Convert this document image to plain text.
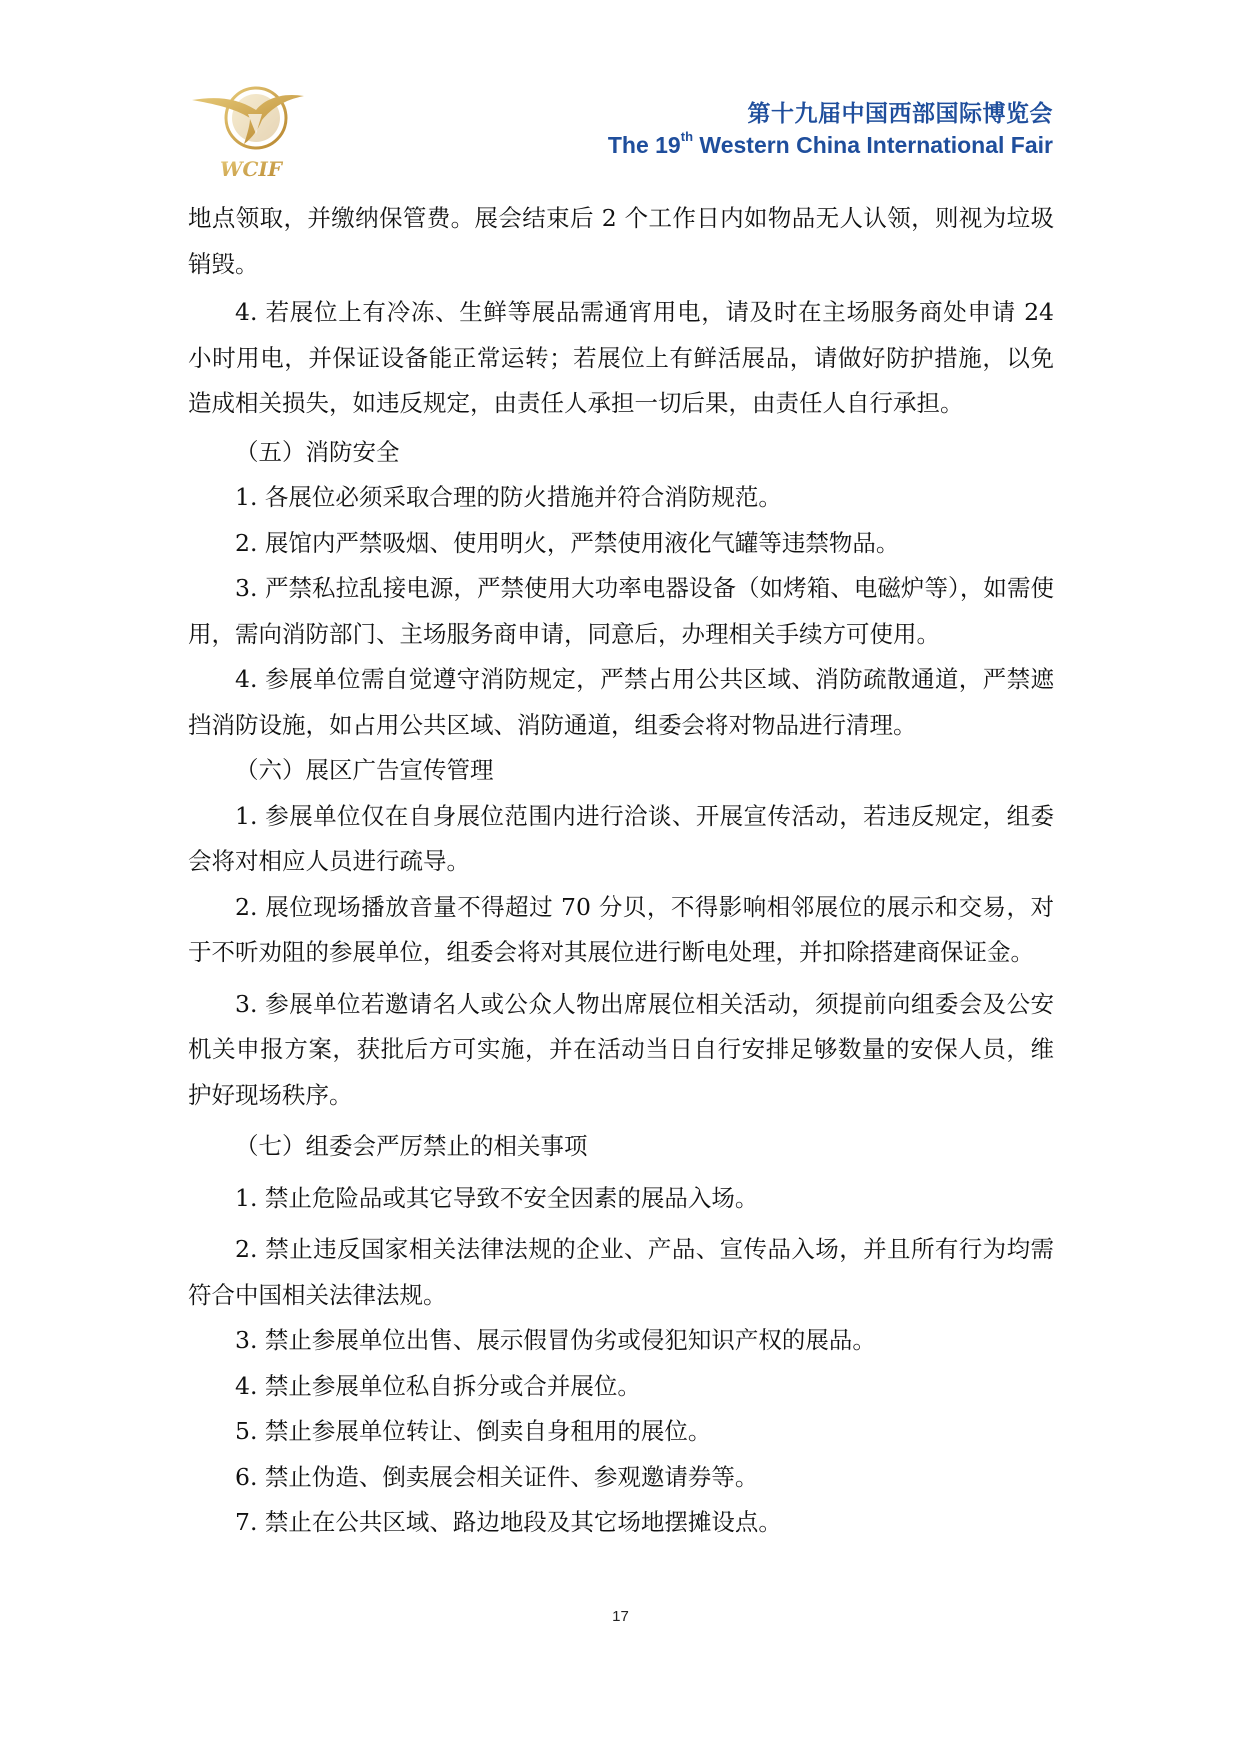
WCIF
第十九届中国西部国际博览会
The 19th Western China International Fair

地点领取，并缴纳保管费。展会结束后 2 个工作日内如物品无人认领，则视为垃圾销毁。

4. 若展位上有冷冻、生鲜等展品需通宵用电，请及时在主场服务商处申请 24 小时用电，并保证设备能正常运转；若展位上有鲜活展品，请做好防护措施，以免造成相关损失，如违反规定，由责任人承担一切后果，由责任人自行承担。

（五）消防安全

1. 各展位必须采取合理的防火措施并符合消防规范。

2. 展馆内严禁吸烟、使用明火，严禁使用液化气罐等违禁物品。

3. 严禁私拉乱接电源，严禁使用大功率电器设备（如烤箱、电磁炉等），如需使用，需向消防部门、主场服务商申请，同意后，办理相关手续方可使用。

4. 参展单位需自觉遵守消防规定，严禁占用公共区域、消防疏散通道，严禁遮挡消防设施，如占用公共区域、消防通道，组委会将对物品进行清理。

（六）展区广告宣传管理

1. 参展单位仅在自身展位范围内进行洽谈、开展宣传活动，若违反规定，组委会将对相应人员进行疏导。

2. 展位现场播放音量不得超过 70 分贝，不得影响相邻展位的展示和交易，对于不听劝阻的参展单位，组委会将对其展位进行断电处理，并扣除搭建商保证金。

3. 参展单位若邀请名人或公众人物出席展位相关活动，须提前向组委会及公安机关申报方案，获批后方可实施，并在活动当日自行安排足够数量的安保人员，维护好现场秩序。

（七）组委会严厉禁止的相关事项

1. 禁止危险品或其它导致不安全因素的展品入场。

2. 禁止违反国家相关法律法规的企业、产品、宣传品入场，并且所有行为均需符合中国相关法律法规。

3. 禁止参展单位出售、展示假冒伪劣或侵犯知识产权的展品。

4. 禁止参展单位私自拆分或合并展位。

5. 禁止参展单位转让、倒卖自身租用的展位。

6. 禁止伪造、倒卖展会相关证件、参观邀请券等。

7. 禁止在公共区域、路边地段及其它场地摆摊设点。

17
